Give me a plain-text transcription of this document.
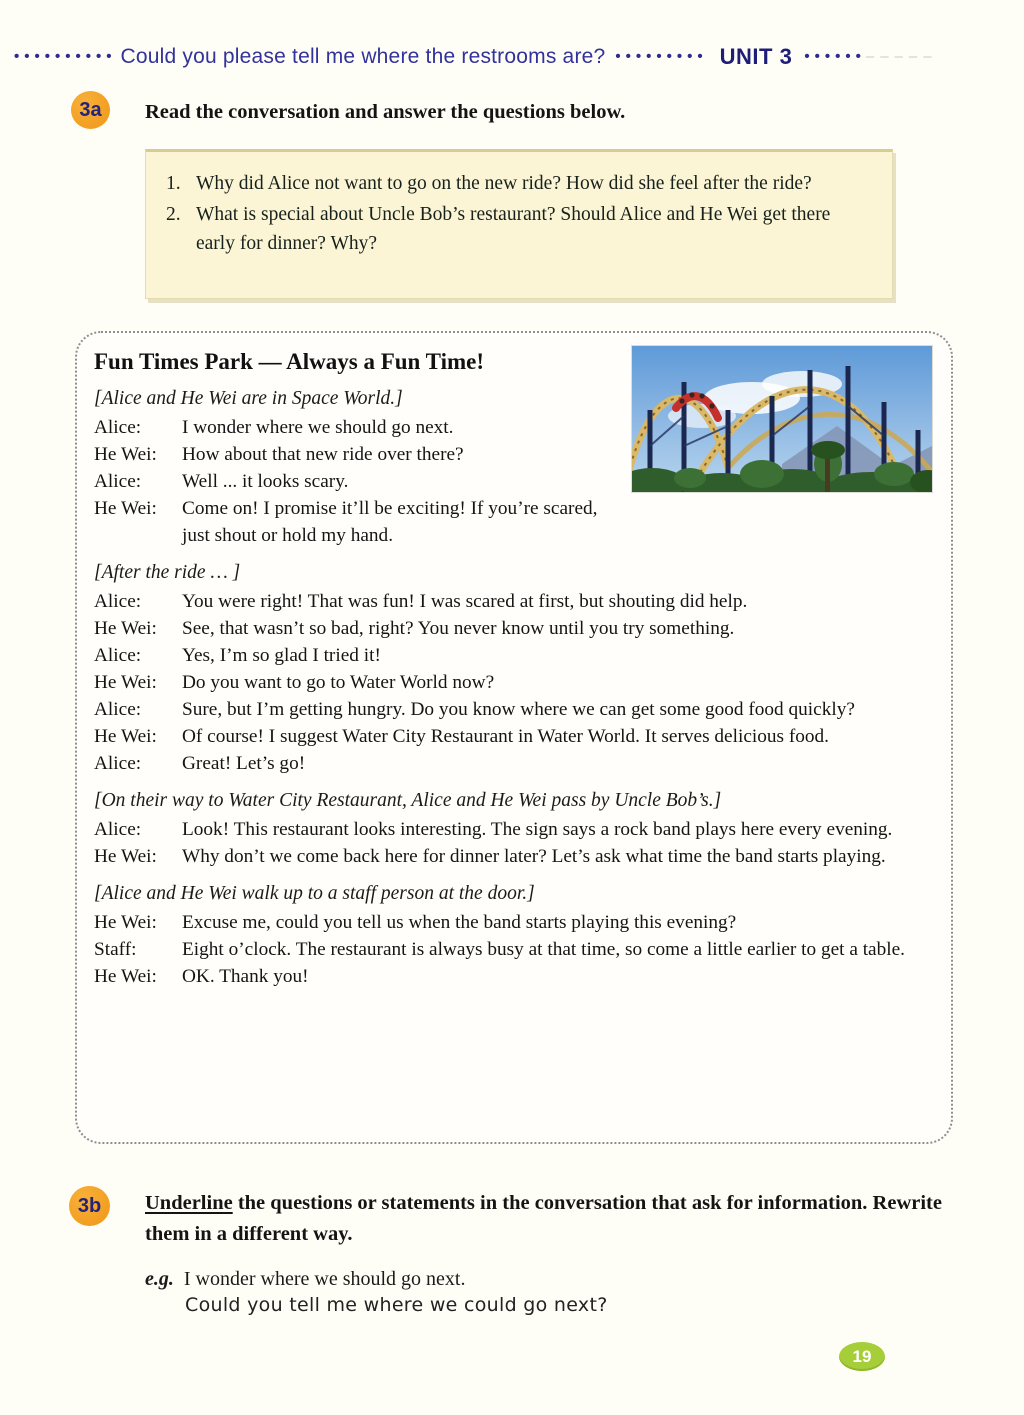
•••••••••• Could you please tell me where the restrooms are? ••••••••• UNIT 3 •••••• ‒‒‒‒‒
3a	Read the conversation and answer the questions below.
1. Why did Alice not want to go on the new ride? How did she feel after the ride?
2. What is special about Uncle Bob’s restaurant? Should Alice and He Wei get there early for dinner? Why?
Fun Times Park — Always a Fun Time!
[Alice and He Wei are in Space World.]
Alice:	I wonder where we should go next.
He Wei:	How about that new ride over there?
Alice:	Well ... it looks scary.
He Wei:	Come on! I promise it’ll be exciting! If you’re scared, just shout or hold my hand.
[After the ride … ]
Alice:	You were right! That was fun! I was scared at first, but shouting did help.
He Wei:	See, that wasn’t so bad, right? You never know until you try something.
Alice:	Yes, I’m so glad I tried it!
He Wei:	Do you want to go to Water World now?
Alice:	Sure, but I’m getting hungry. Do you know where we can get some good food quickly?
He Wei:	Of course! I suggest Water City Restaurant in Water World. It serves delicious food.
Alice:	Great! Let’s go!
[On their way to Water City Restaurant, Alice and He Wei pass by Uncle Bob’s.]
Alice:	Look! This restaurant looks interesting. The sign says a rock band plays here every evening.
He Wei:	Why don’t we come back here for dinner later? Let’s ask what time the band starts playing.
[Alice and He Wei walk up to a staff person at the door.]
He Wei:	Excuse me, could you tell us when the band starts playing this evening?
Staff:	Eight o’clock. The restaurant is always busy at that time, so come a little earlier to get a table.
He Wei:	OK. Thank you!
3b	Underline the questions or statements in the conversation that ask for information. Rewrite them in a different way.
e.g. I wonder where we should go next.
Could you tell me where we could go next?
19
